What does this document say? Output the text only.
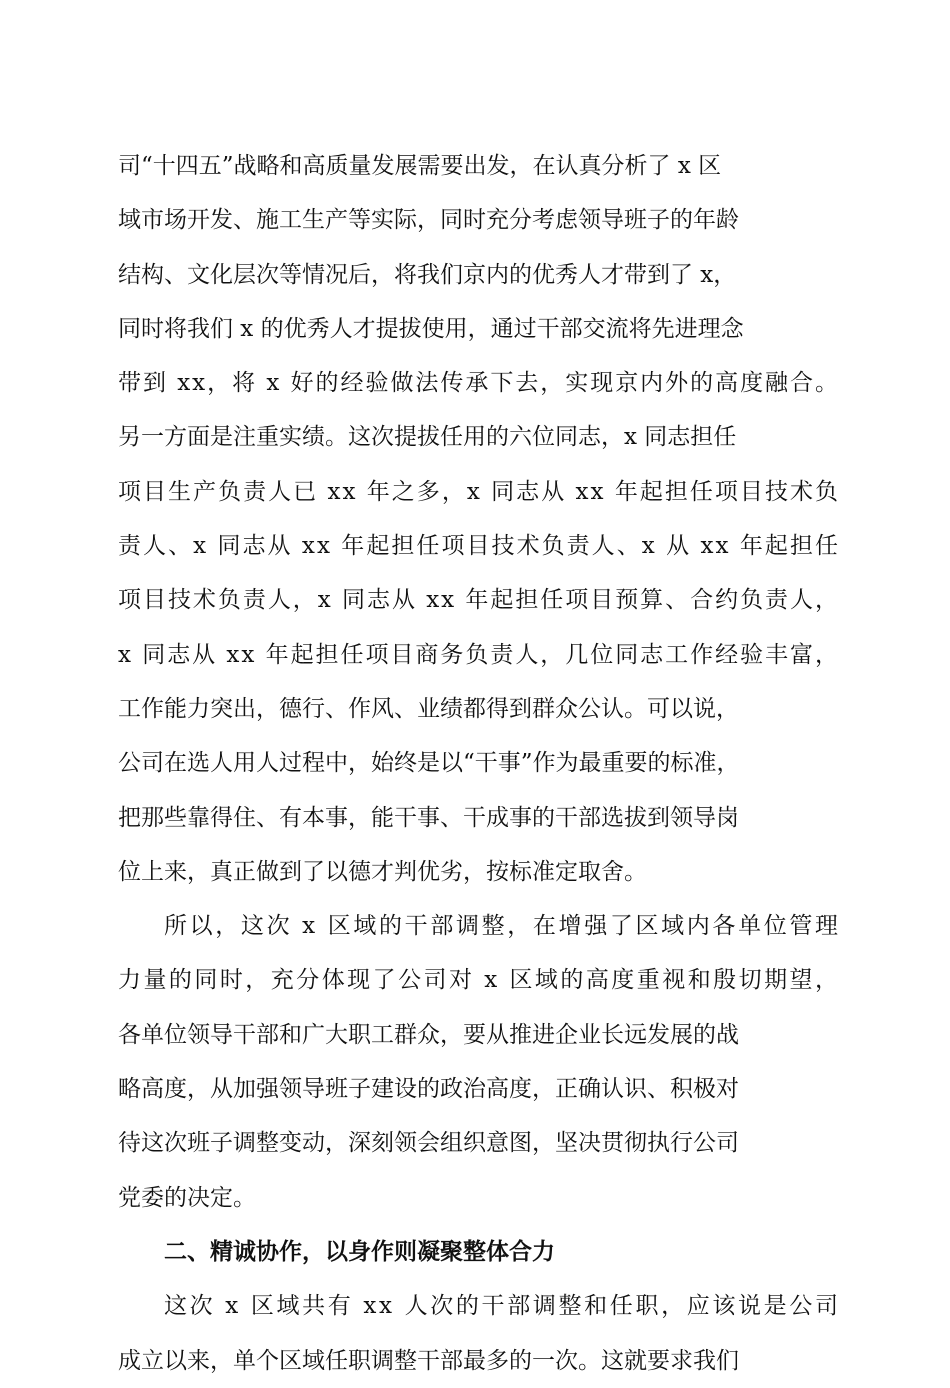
司“十四五”战略和高质量发展需要出发，在认真分析了 x 区
域市场开发、施工生产等实际，同时充分考虑领导班子的年龄
结构、文化层次等情况后，将我们京内的优秀人才带到了 x，
同时将我们 x 的优秀人才提拔使用，通过干部交流将先进理念
带到 xx，将 x 好的经验做法传承下去，实现京内外的高度融合。
另一方面是注重实绩。这次提拔任用的六位同志，x 同志担任
项目生产负责人已 xx 年之多，x 同志从 xx 年起担任项目技术负
责人、x 同志从 xx 年起担任项目技术负责人、x 从 xx 年起担任
项目技术负责人，x 同志从 xx 年起担任项目预算、合约负责人，
x 同志从 xx 年起担任项目商务负责人，几位同志工作经验丰富，
工作能力突出，德行、作风、业绩都得到群众公认。可以说，
公司在选人用人过程中，始终是以“干事”作为最重要的标准，
把那些靠得住、有本事，能干事、干成事的干部选拔到领导岗
位上来，真正做到了以德才判优劣，按标准定取舍。
所以，这次 x 区域的干部调整，在增强了区域内各单位管理
力量的同时，充分体现了公司对 x 区域的高度重视和殷切期望，
各单位领导干部和广大职工群众，要从推进企业长远发展的战
略高度，从加强领导班子建设的政治高度，正确认识、积极对
待这次班子调整变动，深刻领会组织意图，坚决贯彻执行公司
党委的决定。
二、精诚协作，以身作则凝聚整体合力
这次 x 区域共有 xx 人次的干部调整和任职，应该说是公司
成立以来，单个区域任职调整干部最多的一次。这就要求我们
